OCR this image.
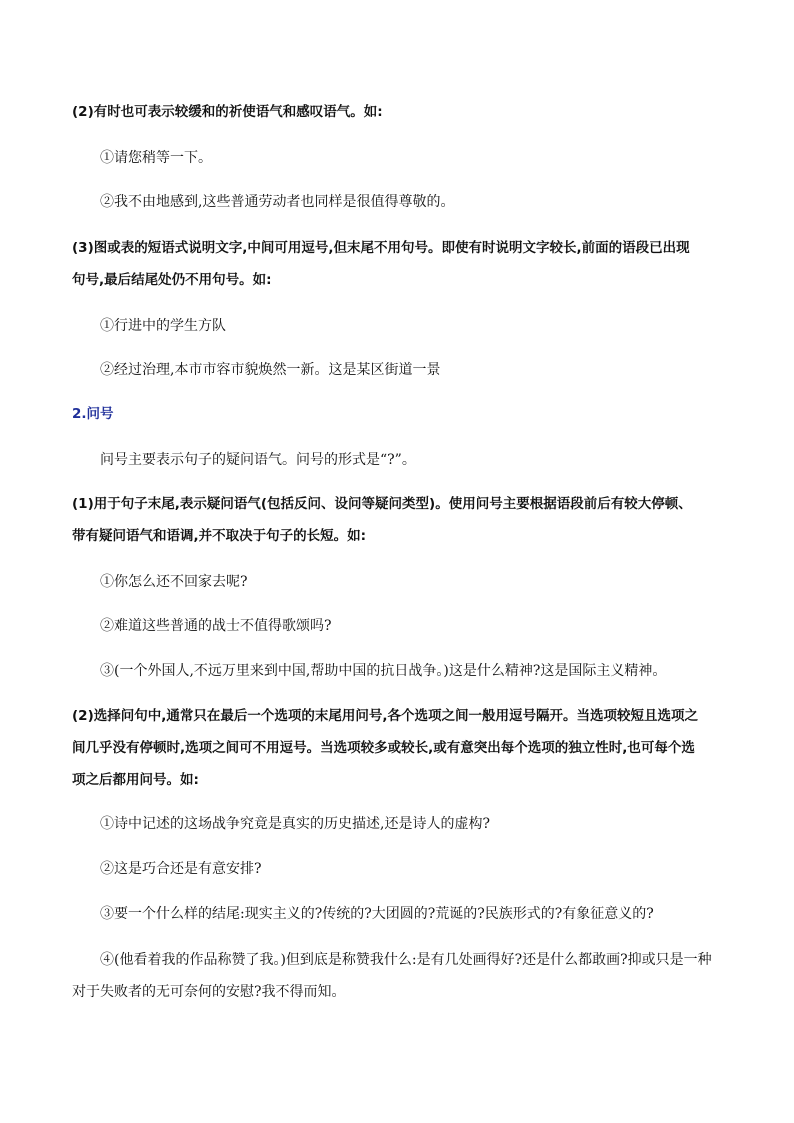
(2)有时也可表示较缓和的祈使语气和感叹语气。如:
①请您稍等一下。
②我不由地感到,这些普通劳动者也同样是很值得尊敬的。
(3)图或表的短语式说明文字,中间可用逗号,但末尾不用句号。即使有时说明文字较长,前面的语段已出现
句号,最后结尾处仍不用句号。如:
①行进中的学生方队
②经过治理,本市市容市貌焕然一新。这是某区街道一景
2.问号
问号主要表示句子的疑问语气。问号的形式是“?”。
(1)用于句子末尾,表示疑问语气(包括反问、设问等疑问类型)。使用问号主要根据语段前后有较大停顿、
带有疑问语气和语调,并不取决于句子的长短。如:
①你怎么还不回家去呢?
②难道这些普通的战士不值得歌颂吗?
③(一个外国人,不远万里来到中国,帮助中国的抗日战争。)这是什么精神?这是国际主义精神。
(2)选择问句中,通常只在最后一个选项的末尾用问号,各个选项之间一般用逗号隔开。当选项较短且选项之
间几乎没有停顿时,选项之间可不用逗号。当选项较多或较长,或有意突出每个选项的独立性时,也可每个选
项之后都用问号。如:
①诗中记述的这场战争究竟是真实的历史描述,还是诗人的虚构?
②这是巧合还是有意安排?
③要一个什么样的结尾:现实主义的?传统的?大团圆的?荒诞的?民族形式的?有象征意义的?
④(他看着我的作品称赞了我。)但到底是称赞我什么:是有几处画得好?还是什么都敢画?抑或只是一种
对于失败者的无可奈何的安慰?我不得而知。
